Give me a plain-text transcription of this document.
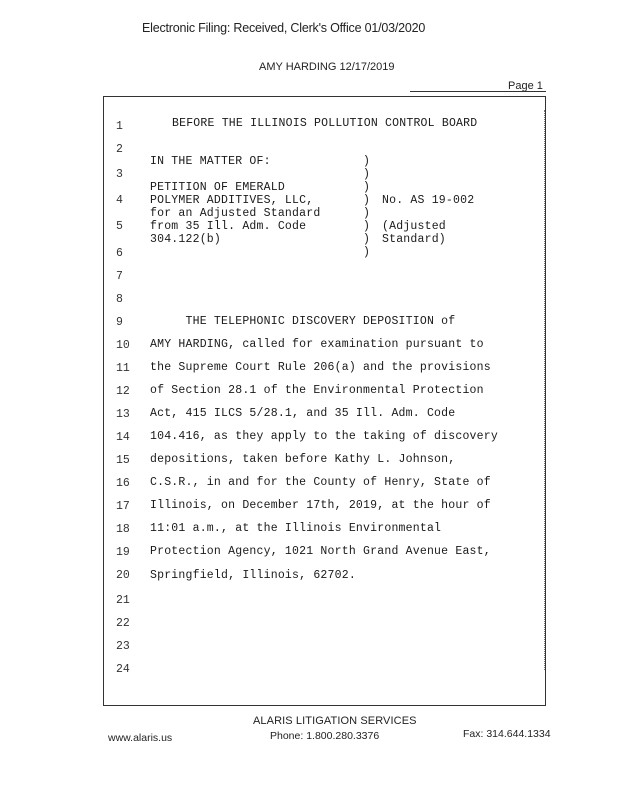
Electronic Filing: Received, Clerk's Office 01/03/2020
AMY HARDING 12/17/2019
Page 1
1
2
3
4
5
6
7
8
9
10
11
12
13
14
15
16
17
18
19
20
21
22
23
24
BEFORE THE ILLINOIS POLLUTION CONTROL BOARD
IN THE MATTER OF:
PETITION OF EMERALD
POLYMER ADDITIVES, LLC,
for an Adjusted Standard
from 35 Ill. Adm. Code
304.122(b)
)
)
)
)
)
)
)
)
No. AS 19-002
(Adjusted
Standard)
THE TELEPHONIC DISCOVERY DEPOSITION of
AMY HARDING, called for examination pursuant to
the Supreme Court Rule 206(a) and the provisions
of Section 28.1 of the Environmental Protection
Act, 415 ILCS 5/28.1, and 35 Ill. Adm. Code
104.416, as they apply to the taking of discovery
depositions, taken before Kathy L. Johnson,
C.S.R., in and for the County of Henry, State of
Illinois, on December 17th, 2019, at the hour of
11:01 a.m., at the Illinois Environmental
Protection Agency, 1021 North Grand Avenue East,
Springfield, Illinois, 62702.
ALARIS LITIGATION SERVICES
www.alaris.us	Phone: 1.800.280.3376	Fax: 314.644.1334
